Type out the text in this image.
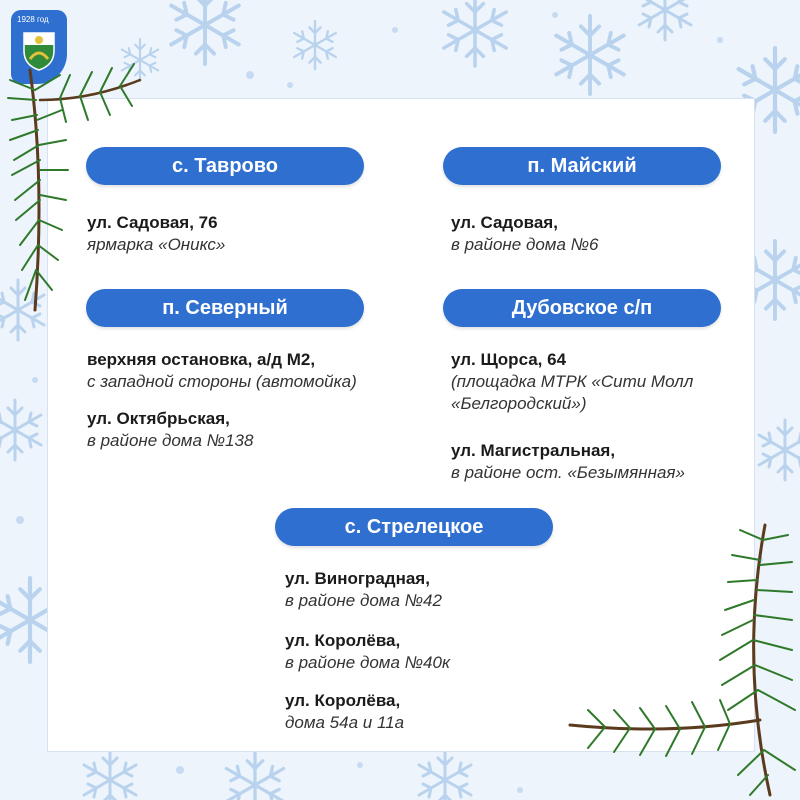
1928 год
с. Таврово
ул. Садовая, 76
ярмарка «Оникс»
п. Майский
ул. Садовая,
в районе дома №6
п. Северный
верхняя остановка, а/д М2,
с западной стороны (автомойка)
ул. Октябрьская,
в районе дома №138
Дубовское с/п
ул. Щорса, 64
(площадка МТРК «Сити Молл
«Белгородский»)
ул. Магистральная,
в районе ост. «Безымянная»
с. Стрелецкое
ул. Виноградная,
в районе дома №42
ул. Королёва,
в районе дома №40к
ул. Королёва,
дома 54а и 11а
